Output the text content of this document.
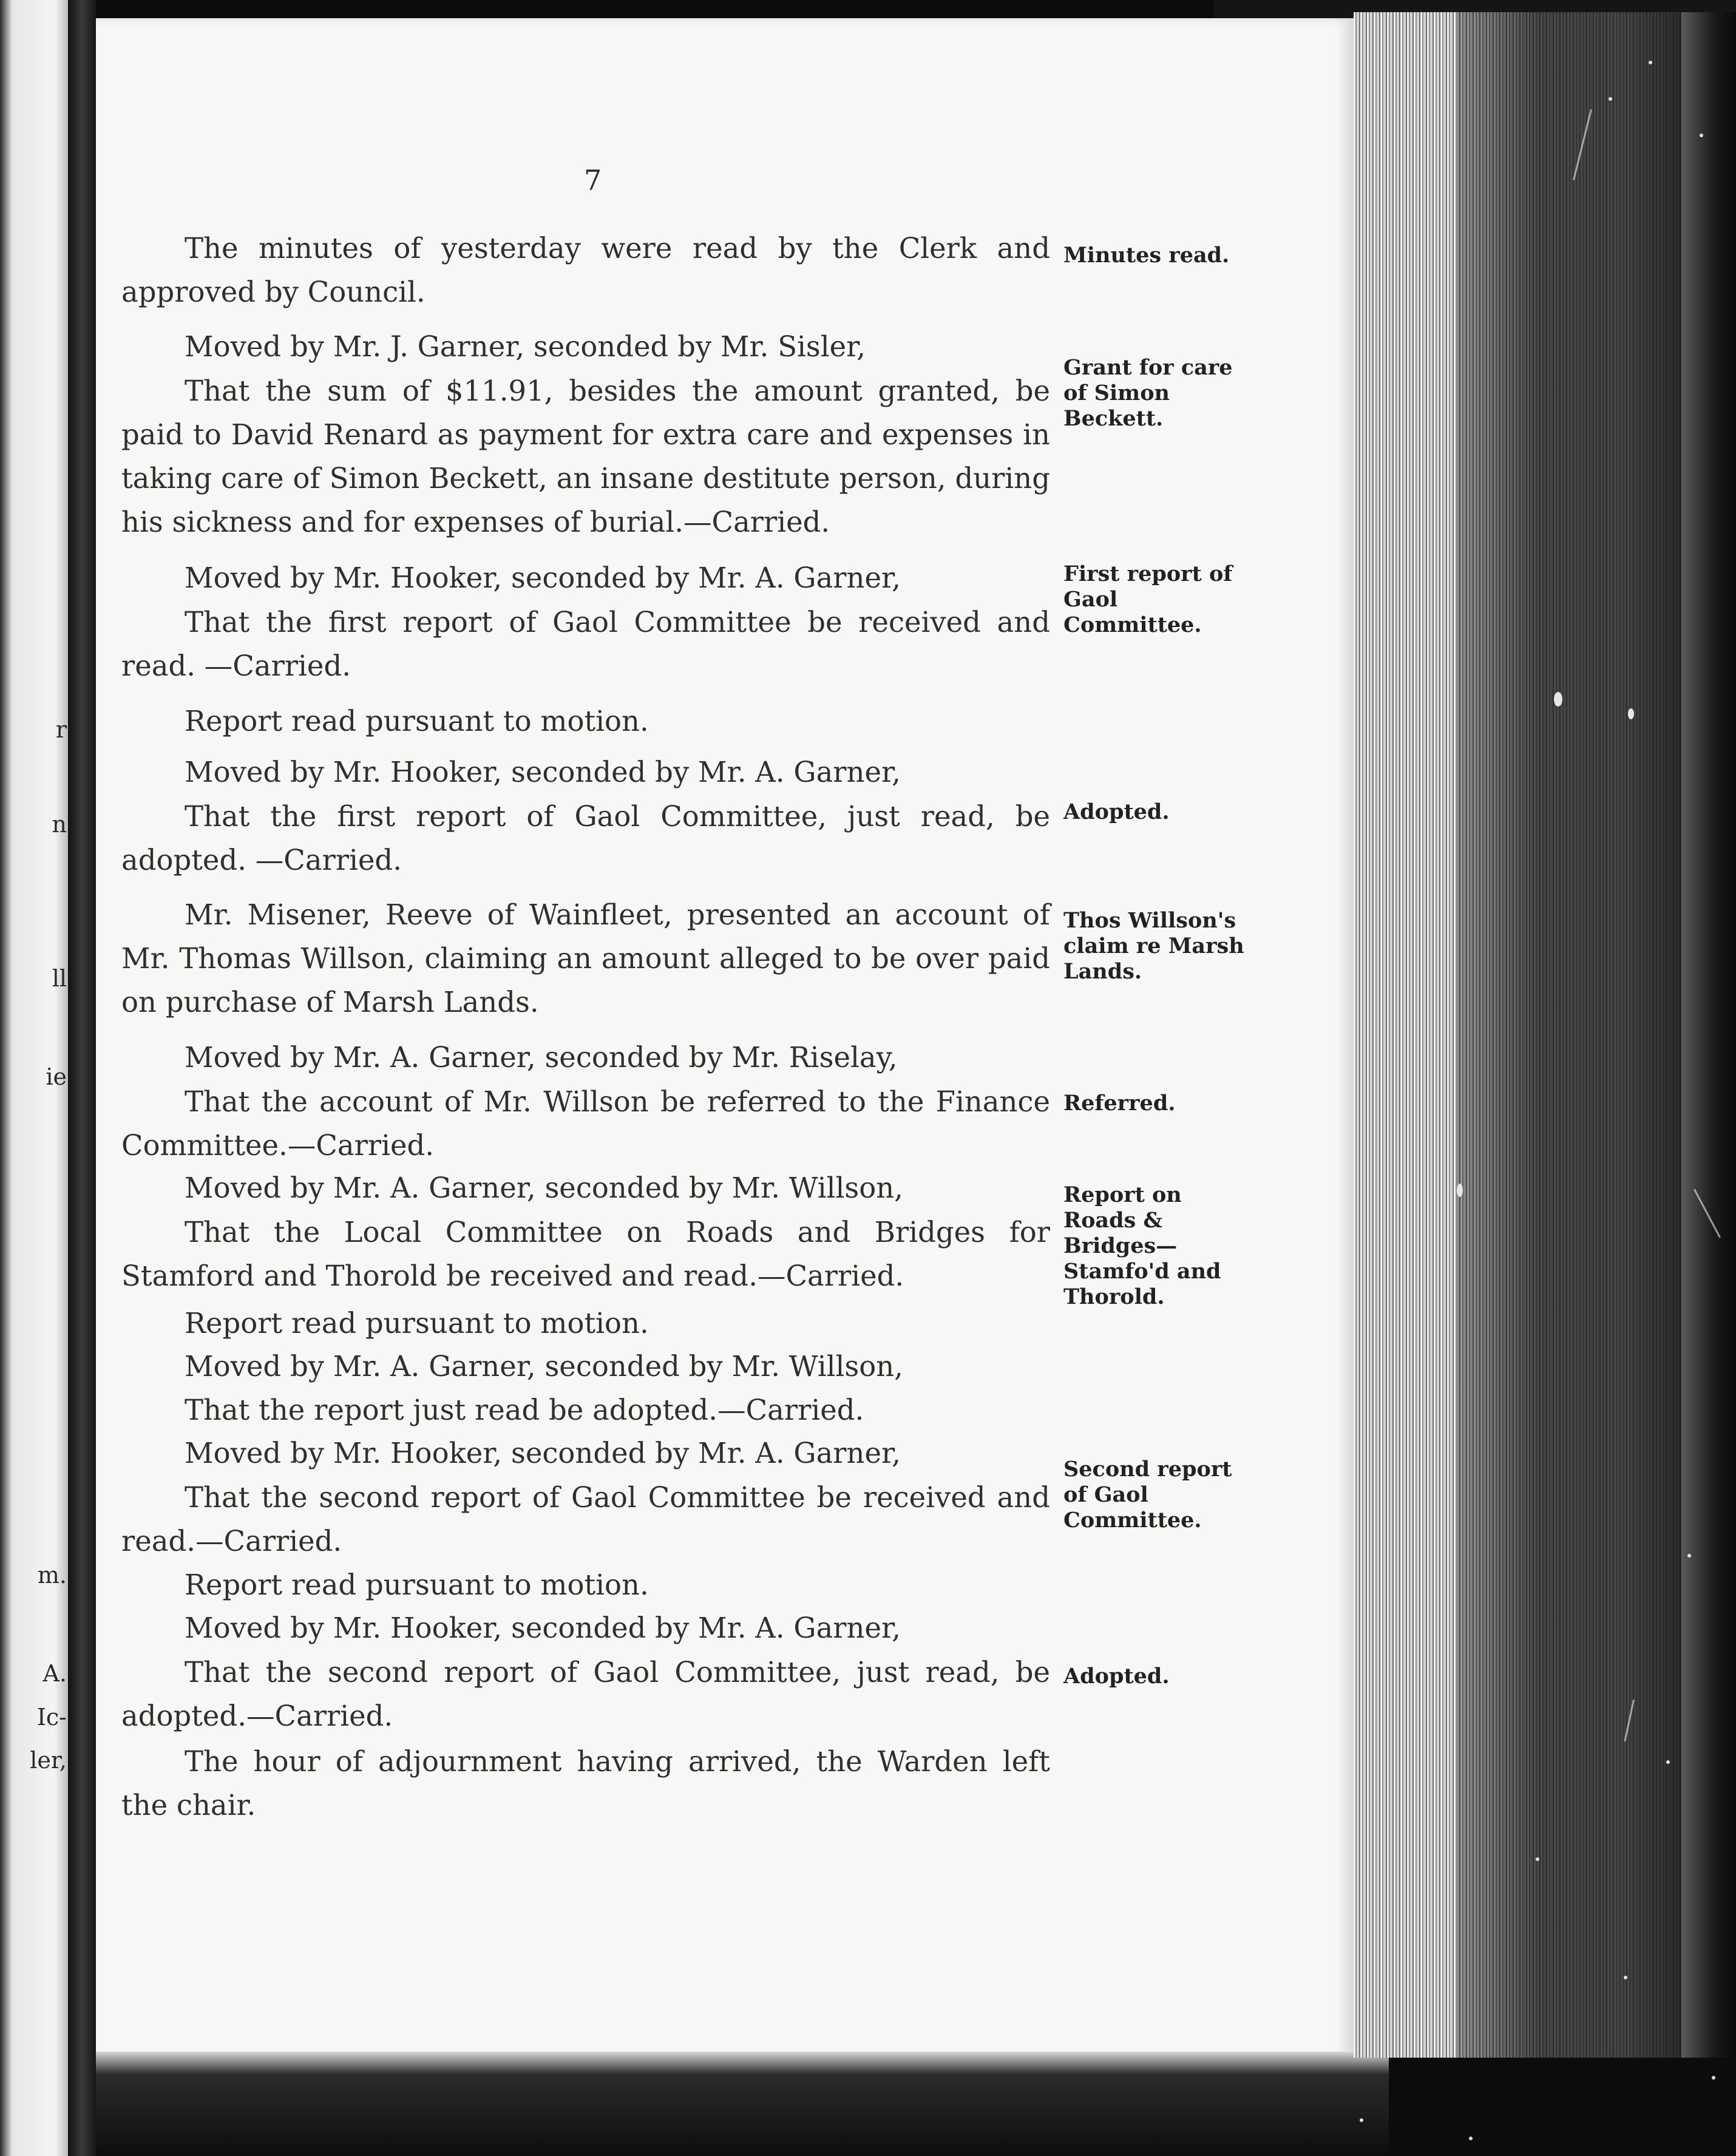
r
n
ll
ie
m.
A.
Ic-
ler,
7
The minutes of yesterday were read by the Clerk and approved by Council.
Moved by Mr. J. Garner, seconded by Mr. Sisler,
That the sum of $11.91, besides the amount granted, be paid to David Renard as payment for extra care and expenses in taking care of Simon Beckett, an insane destitute person, during his sickness and for expenses of burial.—Carried.
Moved by Mr. Hooker, seconded by Mr. A. Garner,
That the first report of Gaol Committee be received and read. —Carried.
Report read pursuant to motion.
Moved by Mr. Hooker, seconded by Mr. A. Garner,
That the first report of Gaol Committee, just read, be adopted. —Carried.
Mr. Misener, Reeve of Wainfleet, presented an account of Mr. Thomas Willson, claiming an amount alleged to be over paid on purchase of Marsh Lands.
Moved by Mr. A. Garner, seconded by Mr. Riselay,
That the account of Mr. Willson be referred to the Finance Committee.—Carried.
Moved by Mr. A. Garner, seconded by Mr. Willson,
That the Local Committee on Roads and Bridges for Stamford and Thorold be received and read.—Carried.
Report read pursuant to motion.
Moved by Mr. A. Garner, seconded by Mr. Willson,
That the report just read be adopted.—Carried.
Moved by Mr. Hooker, seconded by Mr. A. Garner,
That the second report of Gaol Committee be received and read.—Carried.
Report read pursuant to motion.
Moved by Mr. Hooker, seconded by Mr. A. Garner,
That the second report of Gaol Committee, just read, be adopted.—Carried.
The hour of adjournment having arrived, the Warden left the chair.
Minutes read.
Grant for care of Simon Beckett.
First report of Gaol Committee.
Adopted.
Thos Willson's claim re Marsh Lands.
Referred.
Report on Roads & Bridges—Stamfo'd and Thorold.
Second report of Gaol Committee.
Adopted.
